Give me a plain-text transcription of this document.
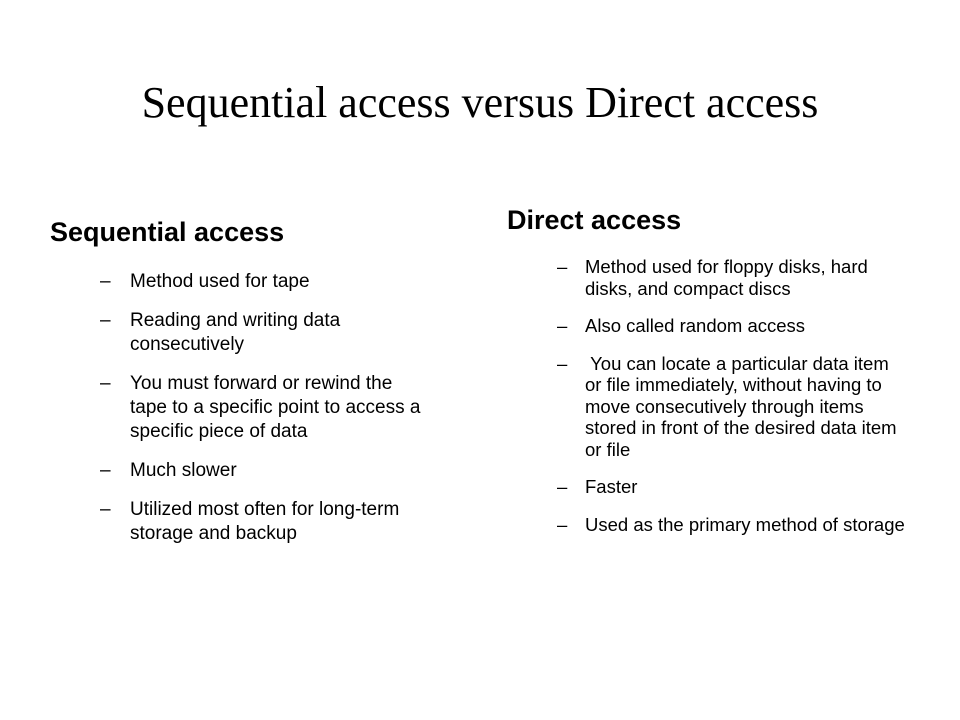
Sequential access versus Direct access
Sequential access
– Method used for tape
– Reading and writing data consecutively
– You must forward or rewind the tape to a specific point to access a specific piece of data
– Much slower
– Utilized most often for long-term storage and backup
Direct access
– Method used for floppy disks, hard disks, and compact discs
– Also called random access
– You can locate a particular data item or file immediately, without having to move consecutively through items stored in front of the desired data item or file
– Faster
– Used as the primary method of storage
